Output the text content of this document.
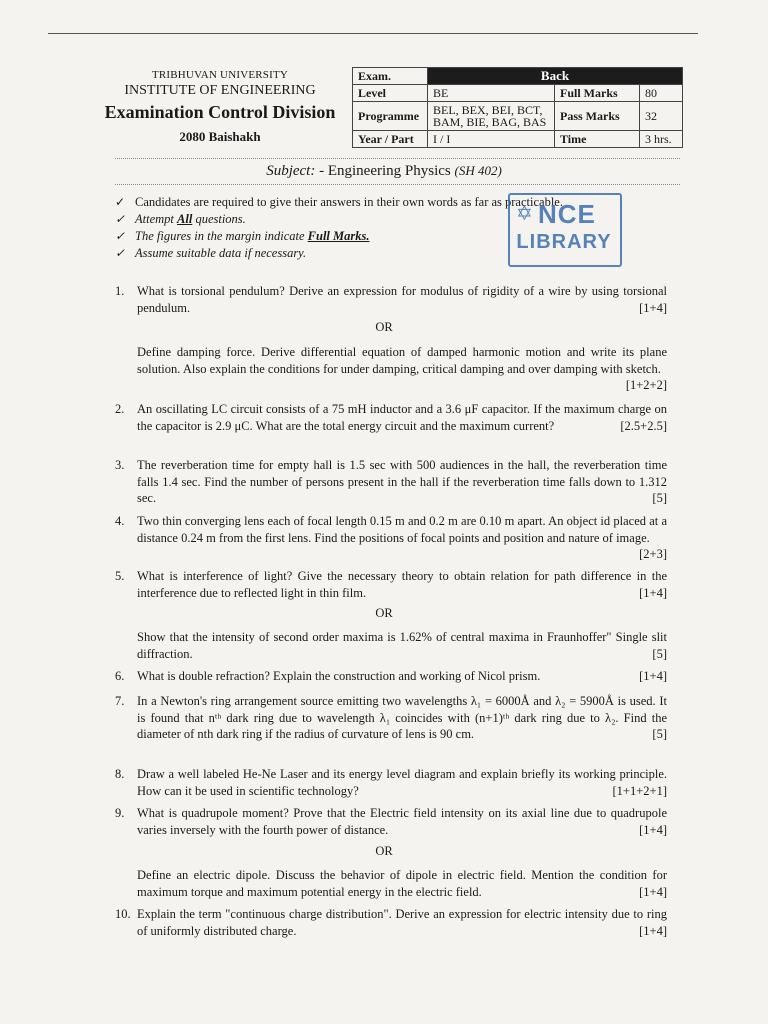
TRIBHUVAN UNIVERSITY
INSTITUTE OF ENGINEERING
Examination Control Division
2080 Baishakh
Exam.	Back		
Level	BE	Full Marks	80
Programme	BEL, BEX, BEI, BCT, BAM, BIE, BAG, BAS	Pass Marks	32
Year / Part	I / I	Time	3 hrs.
Subject: - Engineering Physics (SH 402)
✓ Candidates are required to give their answers in their own words as far as practicable.
✓ Attempt
All
questions.
✓ The figures in the margin indicate
Full Marks.
✓ Assume suitable data if necessary.
✡ NCE
LIBRARY
1. What is torsional pendulum? Derive an expression for modulus of rigidity of a wire by using torsional pendulum.	[1+4]
OR
Define damping force. Derive differential equation of damped harmonic motion and write its plane solution. Also explain the conditions for under damping, critical damping and over damping with sketch.
[1+2+2]
2. An oscillating LC circuit consists of a 75 mH inductor and a 3.6 μF capacitor. If the maximum charge on the capacitor is 2.9 μC. What are the total energy circuit and the maximum current?	[2.5+2.5]
3. The reverberation time for empty hall is 1.5 sec with 500 audiences in the hall, the reverberation time falls 1.4 sec. Find the number of persons present in the hall if the reverberation time falls down to 1.312 sec.	[5]
4. Two thin converging lens each of focal length 0.15 m and 0.2 m are 0.10 m apart. An object id placed at a distance 0.24 m from the first lens. Find the positions of focal points and position and nature of image.
[2+3]
5. What is interference of light? Give the necessary theory to obtain relation for path difference in the interference due to reflected light in thin film.	[1+4]
OR
Show that the intensity of second order maxima is 1.62% of central maxima in Fraunhoffer" Single slit diffraction.	[5]
6. What is double refraction? Explain the construction and working of Nicol prism.	[1+4]
7. In a Newton's ring arrangement source emitting two wavelengths λ₁ = 6000Å and λ₂ = 5900Å is used. It is found that nᵗʰ dark ring due to wavelength λ₁ coincides with (n+1)ᵗʰ dark ring due to λ₂. Find the diameter of nth dark ring if the radius of curvature of lens is 90 cm.	[5]
8. Draw a well labeled He-Ne Laser and its energy level diagram and explain briefly its working principle. How can it be used in scientific technology?	[1+1+2+1]
9. What is quadrupole moment? Prove that the Electric field intensity on its axial line due to quadrupole varies inversely with the fourth power of distance.	[1+4]
OR
Define an electric dipole. Discuss the behavior of dipole in electric field. Mention the condition for maximum torque and maximum potential energy in the electric field.	[1+4]
10. Explain the term "continuous charge distribution". Derive an expression for electric intensity due to ring of uniformly distributed charge.	[1+4]
